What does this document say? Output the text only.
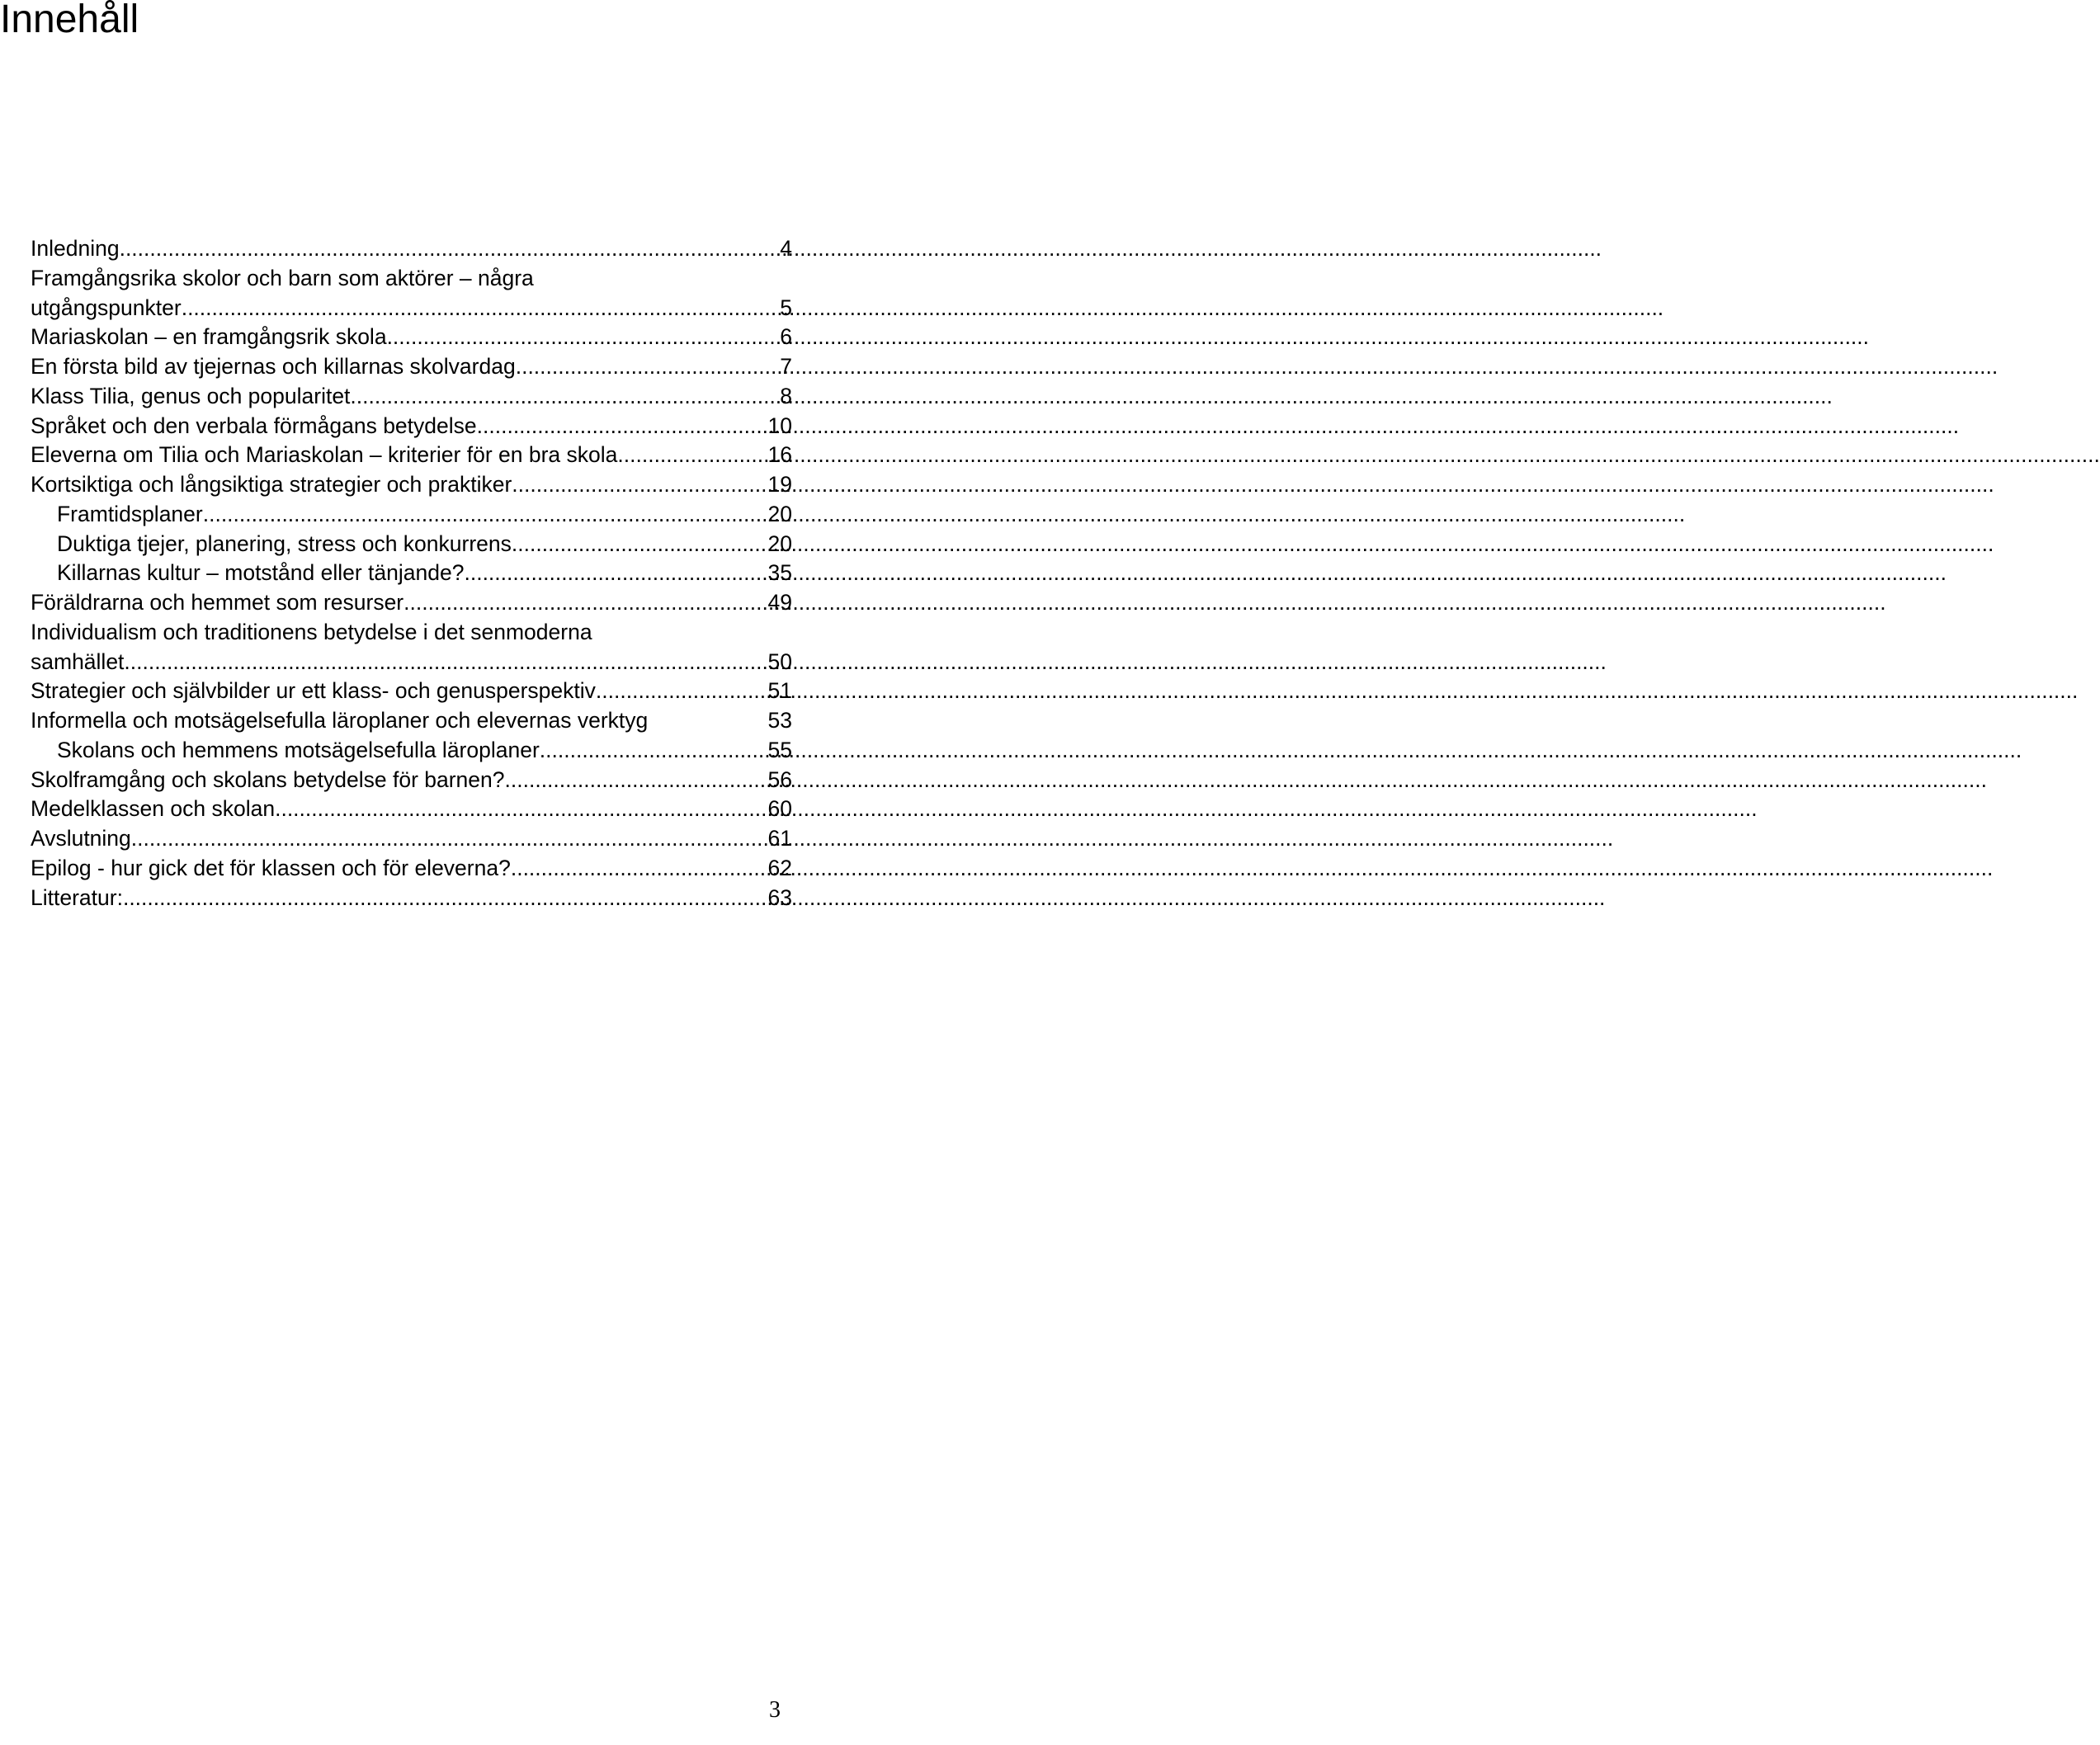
Innehåll
Inledning .....	4
Framgångsrika skolor och barn som aktörer – några
utgångspunkter .....	5
Mariaskolan – en framgångsrik skola .....	6
En första bild av tjejernas och killarnas skolvardag .....	7
Klass Tilia, genus och popularitet .....	8
Språket och den verbala förmågans betydelse .....	10
Eleverna om Tilia och Mariaskolan – kriterier för en bra skola .....	16
Kortsiktiga och långsiktiga strategier och praktiker .....	19
Framtidsplaner .....	20
Duktiga tjejer, planering, stress och konkurrens .....	20
Killarnas kultur – motstånd eller tänjande? .....	35
Föräldrarna och hemmet som resurser .....	49
Individualism och traditionens betydelse i det senmoderna
samhället .....	50
Strategier och självbilder ur ett klass- och genusperspektiv .....	51
Informella och motsägelsefulla läroplaner och elevernas verktyg	53
Skolans och hemmens motsägelsefulla läroplaner .....	55
Skolframgång och skolans betydelse för barnen? .....	56
Medelklassen och skolan .....	60
Avslutning .....	61
Epilog - hur gick det för klassen och för eleverna? .....	62
Litteratur: .....	63
3
